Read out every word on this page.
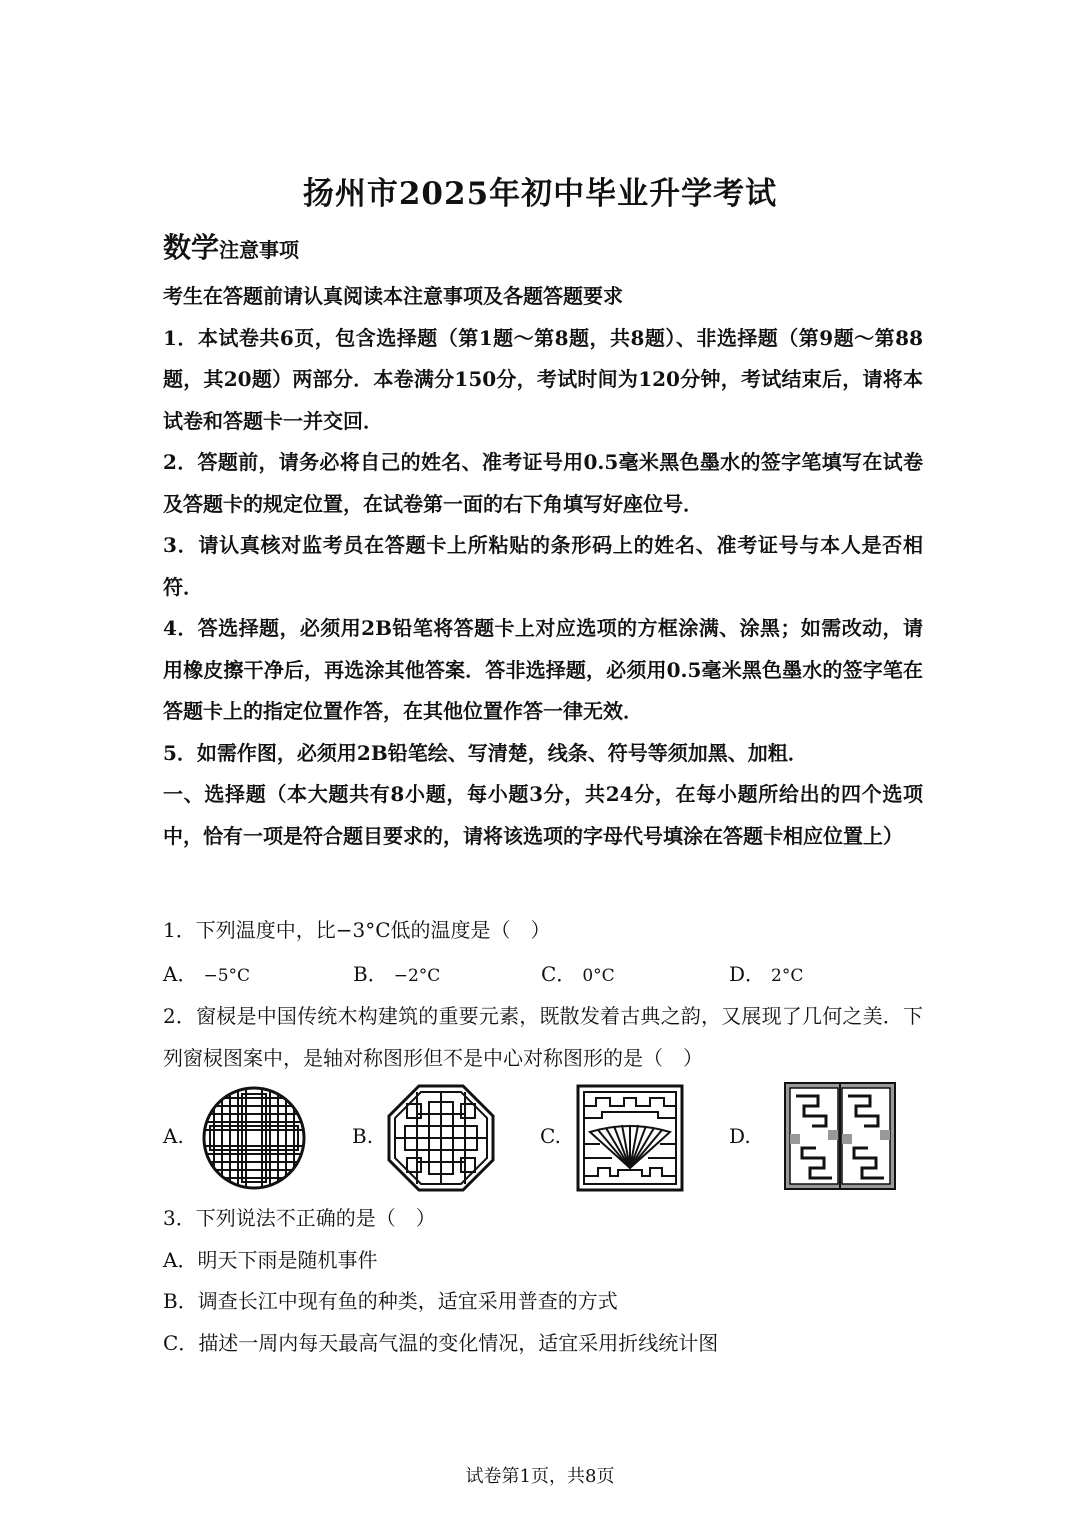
扬州市2025年初中毕业升学考试
数学注意事项
考生在答题前请认真阅读本注意事项及各题答题要求
1．本试卷共6页，包含选择题（第1题～第8题，共8题）、非选择题（第9题～第88题，其20题）两部分．本卷满分150分，考试时间为120分钟，考试结束后，请将本试卷和答题卡一并交回．
2．答题前，请务必将自己的姓名、准考证号用0.5毫米黑色墨水的签字笔填写在试卷及答题卡的规定位置，在试卷第一面的右下角填写好座位号．
3．请认真核对监考员在答题卡上所粘贴的条形码上的姓名、准考证号与本人是否相符．
4．答选择题，必须用2B铅笔将答题卡上对应选项的方框涂满、涂黑；如需改动，请用橡皮擦干净后，再选涂其他答案．答非选择题，必须用0.5毫米黑色墨水的签字笔在答题卡上的指定位置作答，在其他位置作答一律无效．
5．如需作图，必须用2B铅笔绘、写清楚，线条、符号等须加黑、加粗．
一、选择题（本大题共有8小题，每小题3分，共24分，在每小题所给出的四个选项中，恰有一项是符合题目要求的，请将该选项的字母代号填涂在答题卡相应位置上）
1．下列温度中，比−3°C低的温度是（　）
A． −5°C	B． −2°C	C． 0°C	D． 2°C
2．窗棂是中国传统木构建筑的重要元素，既散发着古典之韵，又展现了几何之美．下列窗棂图案中，是轴对称图形但不是中心对称图形的是（　）
A.	B.	C.	D.
3．下列说法不正确的是（　）
A．明天下雨是随机事件
B．调查长江中现有鱼的种类，适宜采用普查的方式
C．描述一周内每天最高气温的变化情况，适宜采用折线统计图
试卷第1页，共8页
